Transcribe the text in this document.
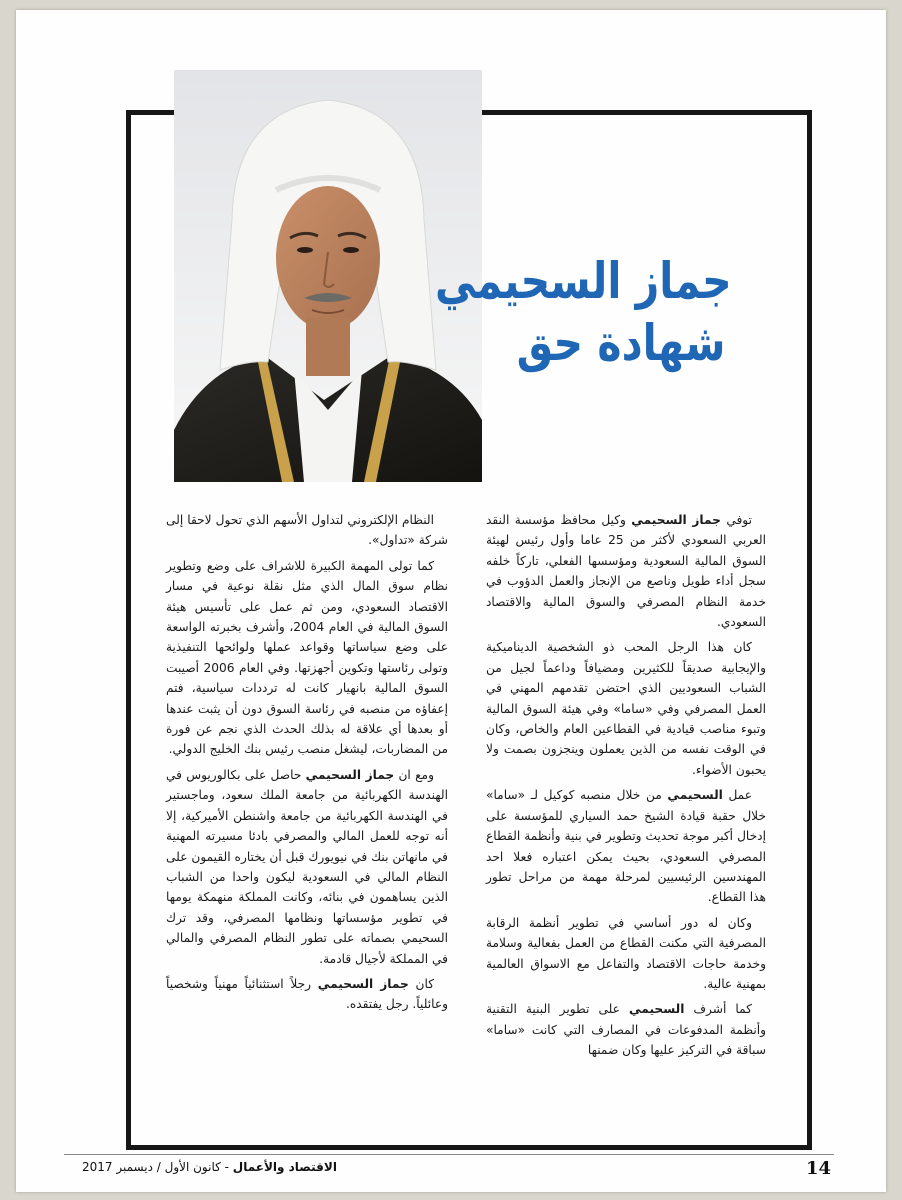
جماز السحيمي
شهادة حق

توفي جماز السحيمي وكيل محافظ مؤسسة النقد العربي السعودي لأكثر من 25 عاما وأول رئيس لهيئة السوق المالية السعودية ومؤسسها الفعلي، تاركاً خلفه سجل أداء طويل وناصع من الإنجاز والعمل الدؤوب في خدمة النظام المصرفي والسوق المالية والاقتصاد السعودي.

كان هذا الرجل المحب ذو الشخصية الديناميكية والإيجابية صديقاً للكثيرين ومضيافاً وداعماً لجيل من الشباب السعوديين الذي احتضن تقدمهم المهني في العمل المصرفي وفي «ساما» وفي هيئة السوق المالية وتبوء مناصب قيادية في القطاعين العام والخاص، وكان في الوقت نفسه من الذين يعملون وينجزون بصمت ولا يحبون الأضواء.

عمل السحيمي من خلال منصبه كوكيل لـ «ساما» خلال حقبة قيادة الشيخ حمد السياري للمؤسسة على إدخال أكبر موجة تحديث وتطوير في بنية وأنظمة القطاع المصرفي السعودي، بحيث يمكن اعتباره فعلا احد المهندسين الرئيسيين لمرحلة مهمة من مراحل تطور هذا القطاع.

وكان له دور أساسي في تطوير أنظمة الرقابة المصرفية التي مكنت القطاع من العمل بفعالية وسلامة وخدمة حاجات الاقتصاد والتفاعل مع الاسواق العالمية بمهنية عالية.

كما أشرف السحيمي على تطوير البنية التقنية وأنظمة المدفوعات في المصارف التي كانت «ساما» سباقة في التركيز عليها وكان ضمنها

النظام الإلكتروني لتداول الأسهم الذي تحول لاحقا إلى شركة «تداول».

كما تولى المهمة الكبيرة للاشراف على وضع وتطوير نظام سوق المال الذي مثل نقلة نوعية في مسار الاقتصاد السعودي، ومن ثم عمل على تأسيس هيئة السوق المالية في العام 2004، وأشرف بخبرته الواسعة على وضع سياساتها وقواعد عملها ولوائحها التنفيذية وتولى رئاستها وتكوين أجهزتها. وفي العام 2006 أصيبت السوق المالية بانهيار كانت له ترددات سياسية، فتم إعفاؤه من منصبه في رئاسة السوق دون أن يثبت عندها أو بعدها أي علاقة له بذلك الحدث الذي نجم عن فورة من المضاربات، ليشغل منصب رئيس بنك الخليج الدولي.

ومع ان جماز السحيمي حاصل على بكالوريوس في الهندسة الكهربائية من جامعة الملك سعود، وماجستير في الهندسة الكهربائية من جامعة واشنطن الأميركية، إلا أنه توجه للعمل المالي والمصرفي بادئا مسيرته المهنية في مانهاتن بنك في نيويورك قبل أن يختاره القيمون على النظام المالي في السعودية ليكون واحدا من الشباب الذين يساهمون في بنائه، وكانت المملكة منهمكة يومها في تطوير مؤسساتها ونظامها المصرفي، وقد ترك السحيمي بصماته على تطور النظام المصرفي والمالي في المملكة لأجيال قادمة.

كان جماز السحيمي رجلاً استثنائياً مهنياً وشخصياً وعائلياً. رجل يفتقده.

14
الاقتصاد والأعمال - كانون الأول / ديسمبر 2017
